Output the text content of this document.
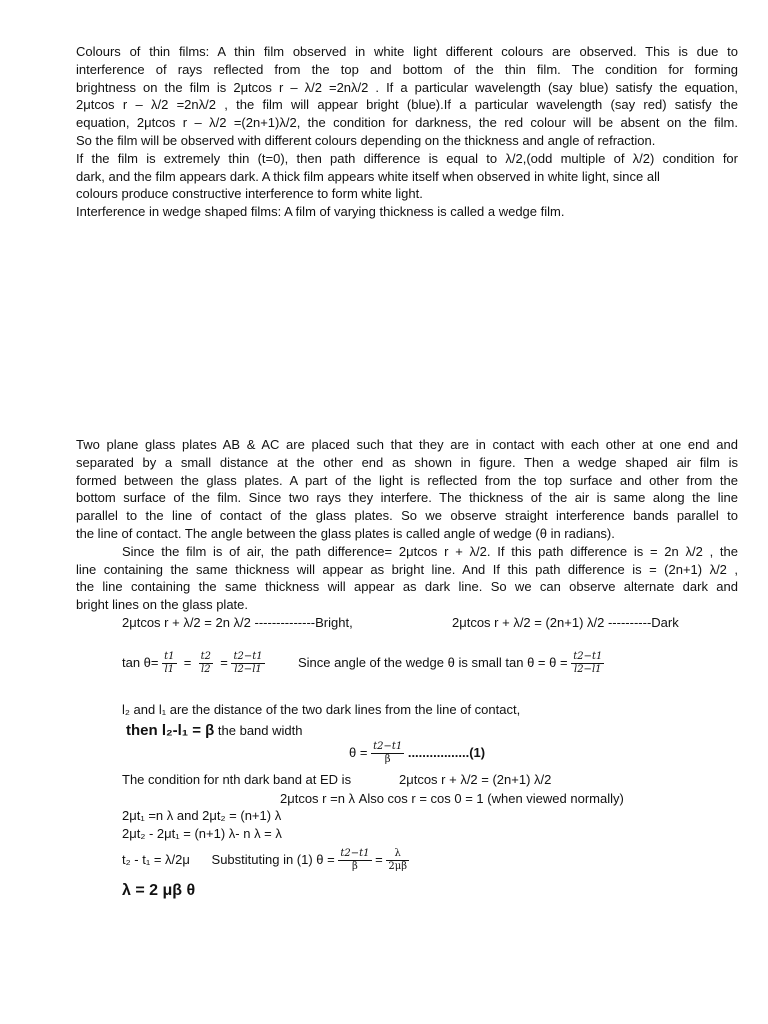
Colours of thin films: A thin film observed in white light different colours are observed. This is due to
interference of rays reflected from the top and bottom of the thin film. The condition for forming
brightness on the film is 2μtcos r – λ/2 =2nλ/2 . If a particular wavelength (say blue) satisfy the equation,
2μtcos r – λ/2 =2nλ/2 , the film will appear bright (blue).If a particular wavelength (say red) satisfy the
equation, 2μtcos r – λ/2 =(2n+1)λ/2, the condition for darkness, the red colour will be absent on the film.
So the film will be observed with different colours depending on the thickness and angle of refraction.
If the film is extremely thin (t=0), then path difference is equal to λ/2,(odd multiple of λ/2) condition for
dark, and the film appears dark. A thick film appears white itself when observed in white light, since all
colours produce constructive interference to form white light.
Interference in wedge shaped films: A film of varying thickness is called a wedge film.
Two plane glass plates AB & AC are placed such that they are in contact with each other at one end and
separated by a small distance at the other end as shown in figure. Then a wedge shaped air film is
formed between the glass plates. A part of the light is reflected from the top surface and other from the
bottom surface of the film. Since two rays they interfere. The thickness of the air is same along the line
parallel to the line of contact of the glass plates. So we observe straight interference bands parallel to
the line of contact. The angle between the glass plates is called angle of wedge (θ in radians).
Since the film is of air, the path difference= 2μtcos r + λ/2. If this path difference is = 2n λ/2 , the
line containing the same thickness will appear as bright line. And If this path difference is = (2n+1) λ/2 ,
the line containing the same thickness will appear as dark line. So we can observe alternate dark and
bright lines on the glass plate.
2μtcos r + λ/2 = 2n λ/2 --------------Bright,	2μtcos r + λ/2 = (2n+1) λ/2 ----------Dark
$\tan \theta= \frac{t1}{l1} = \frac{t2}{l2} = \frac{t2-t1}{l2-l1}$	Since angle of the wedge θ is small $\tan \theta = \theta = \frac{t2-t1}{l2-l1}$
l₂ and l₁ are the distance of the two dark lines from the line of contact,
then l₂-l₁ = β the band width
$\theta = \frac{t2-t1}{\beta} .................(1)$
The condition for nth dark band at ED is	2μtcos r + λ/2 = (2n+1) λ/2
2μtcos r =n λ Also cos r = cos 0 = 1 (when viewed normally)
2μt₁ =n λ and 2μt₂ = (n+1) λ
2μt₂ - 2μt₁ = (n+1) λ- n λ = λ
t₂ - t₁ = λ/2μ Substituting in (1) $\theta = \frac{t2-t1}{\beta} = \frac{\lambda}{2\mu\beta}$
λ = 2 μβ θ
